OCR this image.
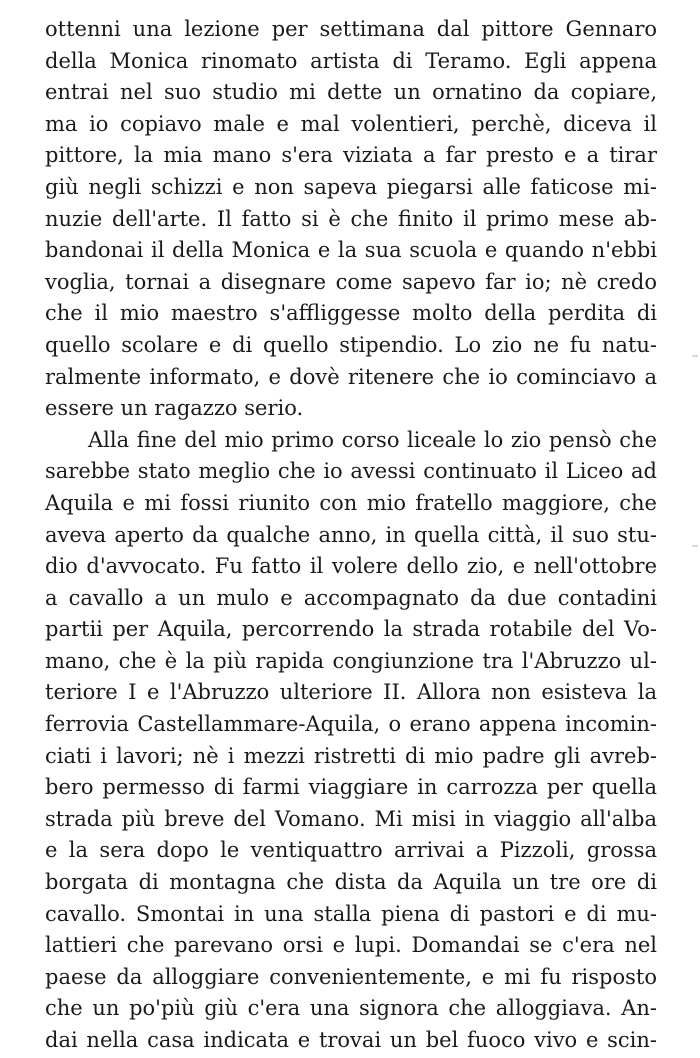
ottenni una lezione per settimana dal pittore Gennaro
della Monica rinomato artista di Teramo. Egli appena
entrai nel suo studio mi dette un ornatino da copiare,
ma io copiavo male e mal volentieri, perchè, diceva il
pittore, la mia mano s'era viziata a far presto e a tirar
giù negli schizzi e non sapeva piegarsi alle faticose mi-
nuzie dell'arte. Il fatto si è che finito il primo mese ab-
bandonai il della Monica e la sua scuola e quando n'ebbi
voglia, tornai a disegnare come sapevo far io; nè credo
che il mio maestro s'affliggesse molto della perdita di
quello scolare e di quello stipendio. Lo zio ne fu natu-
ralmente informato, e dovè ritenere che io cominciavo a
essere un ragazzo serio.
Alla fine del mio primo corso liceale lo zio pensò che
sarebbe stato meglio che io avessi continuato il Liceo ad
Aquila e mi fossi riunito con mio fratello maggiore, che
aveva aperto da qualche anno, in quella città, il suo stu-
dio d'avvocato. Fu fatto il volere dello zio, e nell'ottobre
a cavallo a un mulo e accompagnato da due contadini
partii per Aquila, percorrendo la strada rotabile del Vo-
mano, che è la più rapida congiunzione tra l'Abruzzo ul-
teriore I e l'Abruzzo ulteriore II. Allora non esisteva la
ferrovia Castellammare-Aquila, o erano appena incomin-
ciati i lavori; nè i mezzi ristretti di mio padre gli avreb-
bero permesso di farmi viaggiare in carrozza per quella
strada più breve del Vomano. Mi misi in viaggio all'alba
e la sera dopo le ventiquattro arrivai a Pizzoli, grossa
borgata di montagna che dista da Aquila un tre ore di
cavallo. Smontai in una stalla piena di pastori e di mu-
lattieri che parevano orsi e lupi. Domandai se c'era nel
paese da alloggiare convenientemente, e mi fu risposto
che un po'più giù c'era una signora che alloggiava. An-
dai nella casa indicata e trovai un bel fuoco vivo e scin-
